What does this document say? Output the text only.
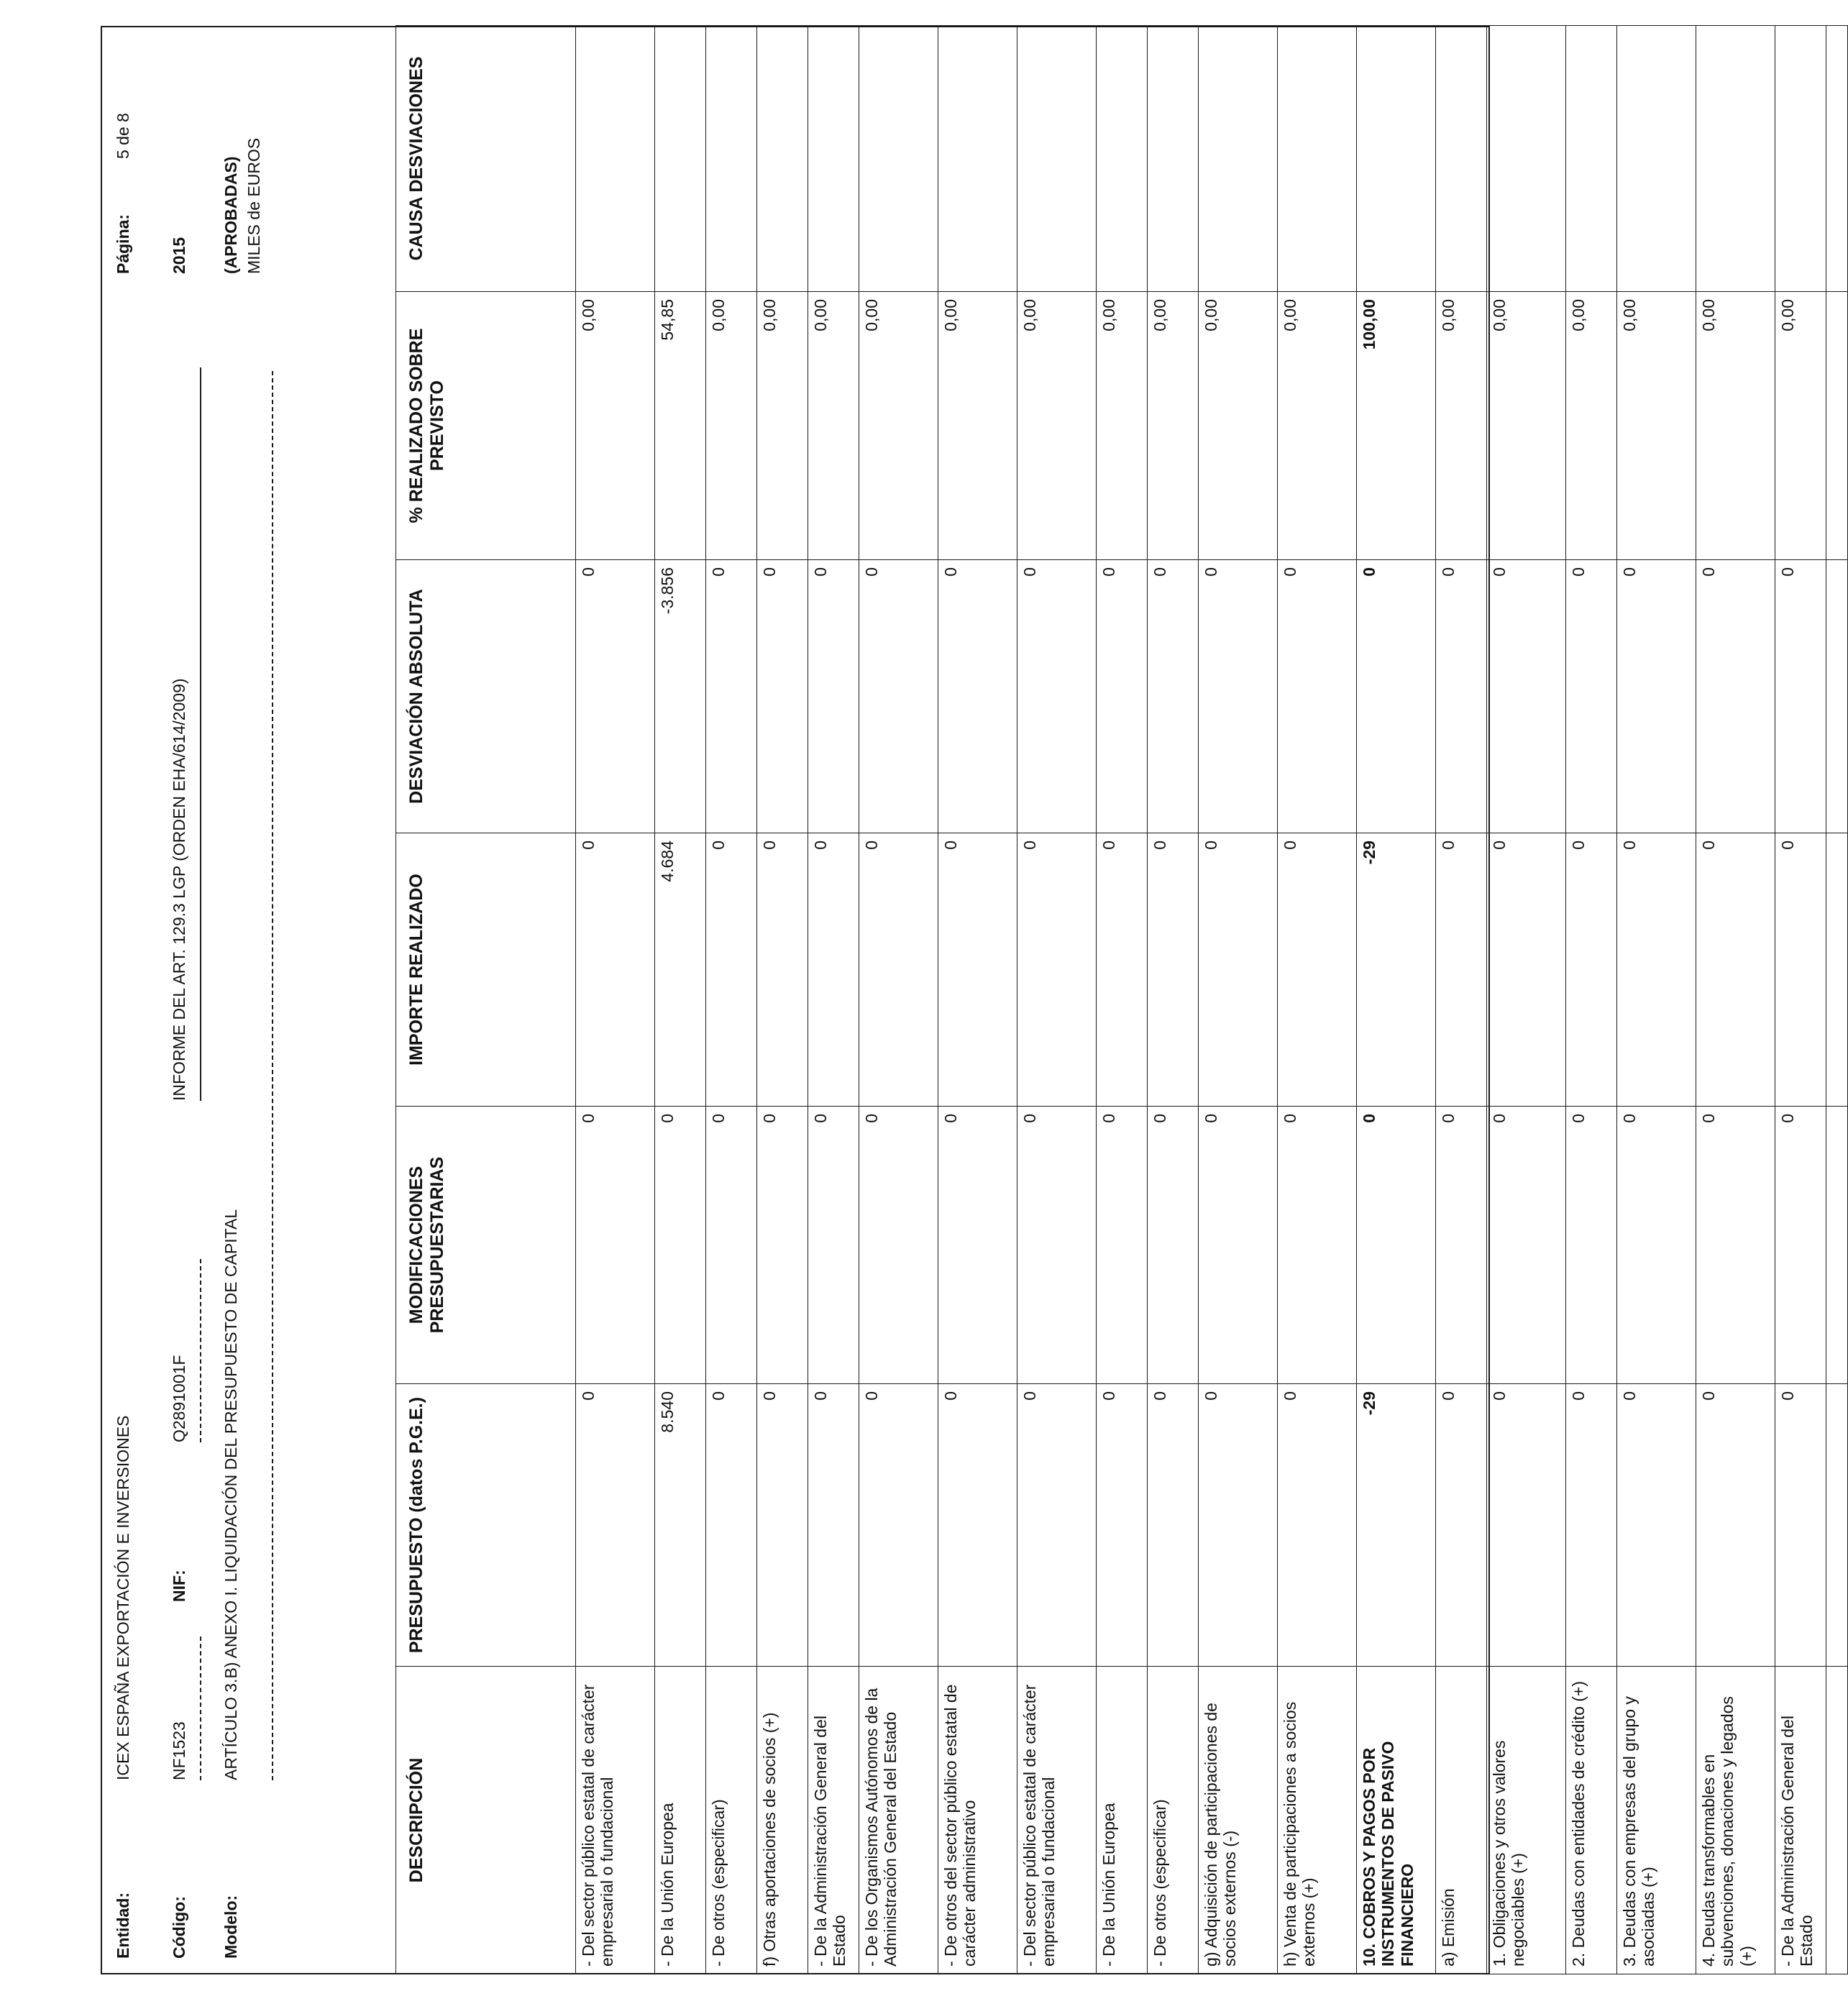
Entidad:
ICEX ESPAÑA EXPORTACIÓN E INVERSIONES
Página:
5 de 8
Código:
NF1523
NIF:
Q2891001F
INFORME DEL ART. 129.3 LGP (ORDEN EHA/614/2009)
2015
Modelo:
ARTÍCULO 3.B) ANEXO I. LIQUIDACIÓN DEL PRESUPUESTO DE CAPITAL
(APROBADAS) MILES de EUROS
DESCRIPCIÓN	PRESUPUESTO (datos P.G.E.)	MODIFICACIONES PRESUPUESTARIAS	IMPORTE REALIZADO	DESVIACIÓN ABSOLUTA	% REALIZADO SOBRE PREVISTO	CAUSA DESVIACIONES
- Del sector público estatal de carácter empresarial o fundacional	0	0	0	0	0,00	
- De la Unión Europea	8.540	0	4.684	-3.856	54,85	
- De otros (especificar)	0	0	0	0	0,00	
f) Otras aportaciones de socios (+)	0	0	0	0	0,00	
- De la Administración General del Estado	0	0	0	0	0,00	
- De los Organismos Autónomos de la Administración General del Estado	0	0	0	0	0,00	
- De otros del sector público estatal de carácter administrativo	0	0	0	0	0,00	
- Del sector público estatal de carácter empresarial o fundacional	0	0	0	0	0,00	
- De la Unión Europea	0	0	0	0	0,00	
- De otros (especificar)	0	0	0	0	0,00	
g) Adquisición de participaciones de socios externos (-)	0	0	0	0	0,00	
h) Venta de participaciones a socios externos (+)	0	0	0	0	0,00	
10. COBROS Y PAGOS POR INSTRUMENTOS DE PASIVO FINANCIERO	-29	0	-29	0	100,00	
a) Emisión	0	0	0	0	0,00	
1. Obligaciones y otros valores negociables (+)	0	0	0	0	0,00	
2. Deudas con entidades de crédito (+)	0	0	0	0	0,00	
3. Deudas con empresas del grupo y asociadas (+)	0	0	0	0	0,00	
4. Deudas transformables en subvenciones, donaciones y legados (+)	0	0	0	0	0,00	
- De la Administración General del Estado	0	0	0	0	0,00	
